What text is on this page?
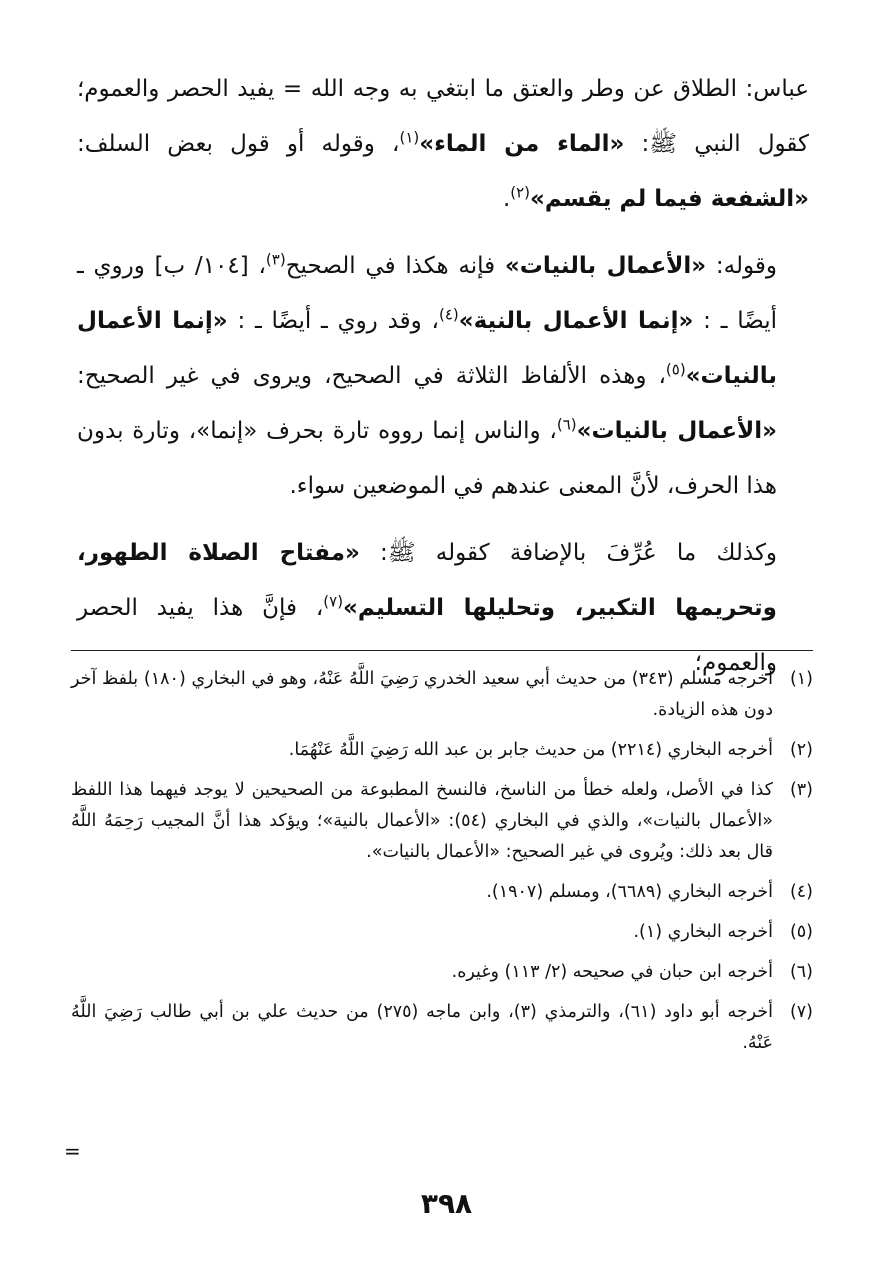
عباس: الطلاق عن وطر والعتق ما ابتغي به وجه الله = يفيد الحصر والعموم؛ كقول النبي ﷺ: «الماء من الماء»$^{(١)}$، وقوله أو قول بعض السلف: «الشفعة فيما لم يقسم»$^{(٢)}$.

وقوله: «الأعمال بالنيات» فإنه هكذا في الصحيح$^{(٣)}$، [١٠٤/ ب] وروي ـ أيضًا ـ : «إنما الأعمال بالنية»$^{(٤)}$، وقد روي ـ أيضًا ـ : «إنما الأعمال بالنيات»$^{(٥)}$، وهذه الألفاظ الثلاثة في الصحيح، ويروى في غير الصحيح: «الأعمال بالنيات»$^{(٦)}$، والناس إنما رووه تارة بحرف «إنما»، وتارة بدون هذا الحرف، لأنَّ المعنى عندهم في الموضعين سواء.

وكذلك ما عُرِّفَ بالإضافة كقوله ﷺ: «مفتاح الصلاة الطهور، وتحريمها التكبير، وتحليلها التسليم»$^{(٧)}$، فإنَّ هذا يفيد الحصر والعموم؛

(١)
أخرجه مسلم (٣٤٣) من حديث أبي سعيد الخدري رَضِيَ اللَّهُ عَنْهُ، وهو في البخاري (١٨٠) بلفظ آخر دون هذه الزيادة.
(٢)
أخرجه البخاري (٢٢١٤) من حديث جابر بن عبد الله رَضِيَ اللَّهُ عَنْهُمَا.
(٣)
كذا في الأصل، ولعله خطأ من الناسخ، فالنسخ المطبوعة من الصحيحين لا يوجد فيهما هذا اللفظ «الأعمال بالنيات»، والذي في البخاري (٥٤): «الأعمال بالنية»؛ ويؤكد هذا أنَّ المجيب رَحِمَهُ اللَّهُ قال بعد ذلك: ويُروى في غير الصحيح: «الأعمال بالنيات».
(٤)
أخرجه البخاري (٦٦٨٩)، ومسلم (١٩٠٧).
(٥)
أخرجه البخاري (١).
(٦)
أخرجه ابن حبان في صحيحه (٢/ ١١٣) وغيره.
(٧)
أخرجه أبو داود (٦١)، والترمذي (٣)، وابن ماجه (٢٧٥) من حديث علي بن أبي طالب رَضِيَ اللَّهُ عَنْهُ.
=
٣٩٨
